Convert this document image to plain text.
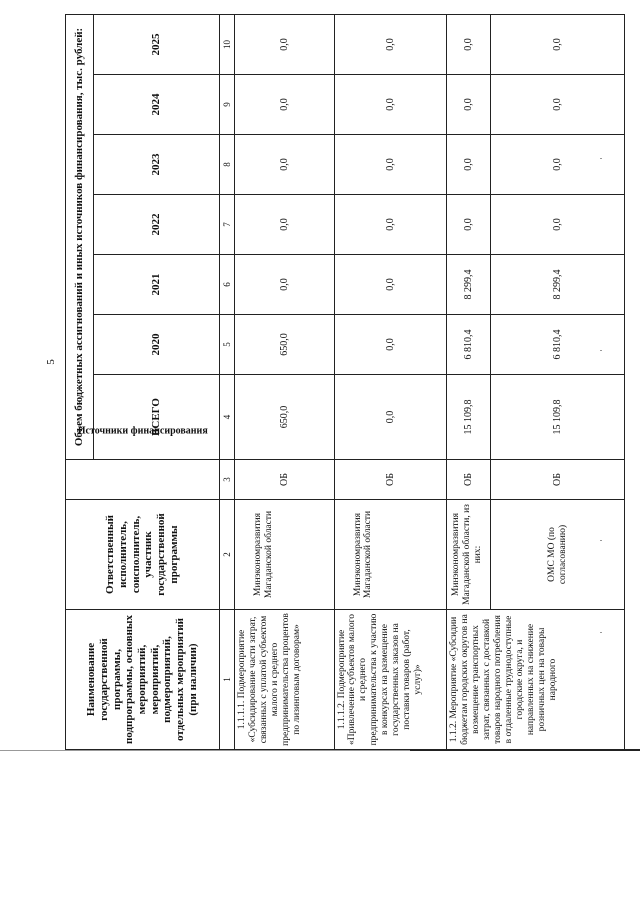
5
Наименование государственной программы, подпрограммы, основных мероприятий, мероприятий, подмероприятий, отдельных мероприятий (при наличии)	Ответственный исполнитель, соисполнитель, участник государственной программы	Источники финансирования	Объем бюджетных ассигнований и иных источников финансирования, тыс. рублей:						
			ВСЕГО	2020	2021	2022	2023	2024	2025
1	2	3	4	5	6	7	8	9	10
1.1.1.1. Подмероприятие «Субсидирование части затрат, связанных с уплатой субъектом малого и среднего предпринимательства процентов по лизинговым договорам»	Минэкономразвития Магаданской области	ОБ	650,0	650,0	0,0	0,0	0,0	0,0	0,0
1.1.1.2. Подмероприятие «Привлечение субъектов малого и среднего предпринимательства к участию в конкурсах на размещение государственных заказов на поставки товаров (работ, услуг)»	Минэкономразвития Магаданской области	ОБ	0,0	0,0	0,0	0,0	0,0	0,0	0,0
1.1.2. Мероприятие «Субсидии бюджетам городских округов на возмещение транспортных затрат, связанных с доставкой товаров народного потребления в отдаленные труднодоступные городские округа, и направленных на снижение розничных цен на товары народного	Минэкономразвития Магаданской области, из них:	ОБ	15 109,8	6 810,4	8 299,4	0,0	0,0	0,0	0,0
	ОМС МО (по согласованию)	ОБ	15 109,8	6 810,4	8 299,4	0,0	0,0	0,0	0,0
